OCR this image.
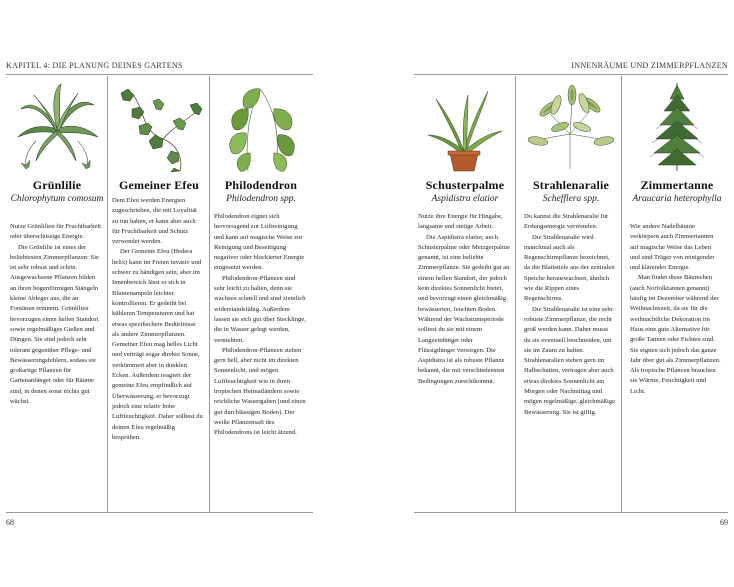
KAPITEL 4: DIE PLANUNG DEINES GARTENS
Grünlilie
Chlorophytum comosum

Nutze Grünlilien für Fruchtbarkeit oder überschüssige Energie.

Die Grünlilie ist eines der beliebtesten Zimmerpflanzen: Sie ist sehr robust und schön. Ausgewachsene Pflanzen bilden an ihren bogenförmigen Stängeln kleine Ableger aus, die an Fontänen erinnern. Grünlilien bevorzugen einen hellen Standort sowie regelmäßiges Gießen und Düngen. Sie sind jedoch sehr tolerant gegenüber Pflege- und Bewässerungsfehlern, sodass sie großartige Pflanzen für Gartenanfänger oder für Räume sind, in denen sonst nichts gut wächst.

Gemeiner Efeu

Dem Efeu werden Energien zugeschrieben, die mit Loyalität zu tun haben, er kann aber auch für Fruchtbarkeit und Schutz verwendet werden.

Der Gemeine Efeu (Hedera helix) kann im Freien invasiv und schwer zu bändigen sein, aber im Innenbereich lässt er sich in Blumenampeln leichter kontrollieren. Er gedeiht bei kühleren Temperaturen und hat etwas speziﬁschere Bedürfnisse als andere Zimmerpflanzen. Gemeiner Efeu mag helles Licht und verträgt sogar direkte Sonne, verkümmert aber in dunklen Ecken. Außerdem reagiert der gemeine Efeu empfindlich auf Überwässerung, er bevorzugt jedoch eine relativ hohe Luftfeuchtigkeit. Daher solltest du deinen Efeu regelmäßig besprühen.

Philodendron
Philodendron spp.

Philodendron eignet sich hervorragend zur Luftreinigung und kann auf magische Weise zur Reinigung und Beseitigung negativer oder blockierter Energie eingesetzt werden.

Philodendron-Pflanzen sind sehr leicht zu halten, denn sie wachsen schnell und sind ziemlich widerstandsfähig. Außerdem lassen sie sich gut über Stecklinge, die in Wasser gelegt werden, vermehren.

Philodendron-Pflanzen stehen gern hell, aber nicht im direkten Sonnenlicht, und mögen Luftfeuchtigkeit wie in ihren tropischen Heimatländern sowie reichliche Wassergaben (und einen gut durchlässigen Boden). Der weiße Pflanzensaft des Philodendrons ist leicht ätzend.

68
INNENRÄUME UND ZIMMERPFLANZEN
Schusterpalme
Aspidistra elatior

Nutze ihre Energie für Hingabe, langsame und stetige Arbeit.

Die Aspidistra elatior, auch Schusterpalme oder Metzgerpalme genannt, ist eine beliebte Zimmerpflanze. Sie gedeiht gut an einem hellen Standort, der jedoch kein direktes Sonnenlicht bietet, und bevorzugt einen gleichmäßig bewässerten, feuchten Boden. Während der Wachstumsperiode solltest du sie mit einem Langzeitdünger oder Flüssigdünger versorgen. Die Aspidistra ist als robuste Pflanze bekannt, die mit verschiedensten Bedingungen zurechtkommt.

Strahlenaralie
Schefflera spp.

Du kannst die Strahlenaralie für Erdungsenergie verwenden.

Die Strahlenaralie wird manchmal auch als Regenschirmpflanze bezeichnet, da die Blattstiele aus der zentralen Speiche herauswachsen, ähnlich wie die Rippen eines Regenschirms.

Die Strahlenaralie ist eine sehr robuste Zimmerpflanze, die recht groß werden kann. Daher musst du sie eventuell beschneiden, um sie im Zaum zu halten. Strahlenaralien stehen gern im Halbschatten, vertragen aber auch etwas direktes Sonnenlicht am Morgen oder Nachmittag und mögen regelmäßige, gleichmäßige Bewässerung. Sie ist giftig.

Zimmertanne
Araucaria heterophylla

Wie andere Nadelbäume verkörpern auch Zimmertannen auf magische Weise das Leben und sind Träger von reinigender und klärender Energie.

Man findet diese Bäumchen (auch Norfolktannen genannt) häufig im Dezember während der Weihnachtszeit, da sie für die weihnachtliche Dekoration im Haus eine gute Alternative für große Tannen oder Fichten sind. Sie eignen sich jedoch das ganze Jahr über gut als Zimmerpflanzen. Als tropische Pflanzen brauchen sie Wärme, Feuchtigkeit und Licht.

69
